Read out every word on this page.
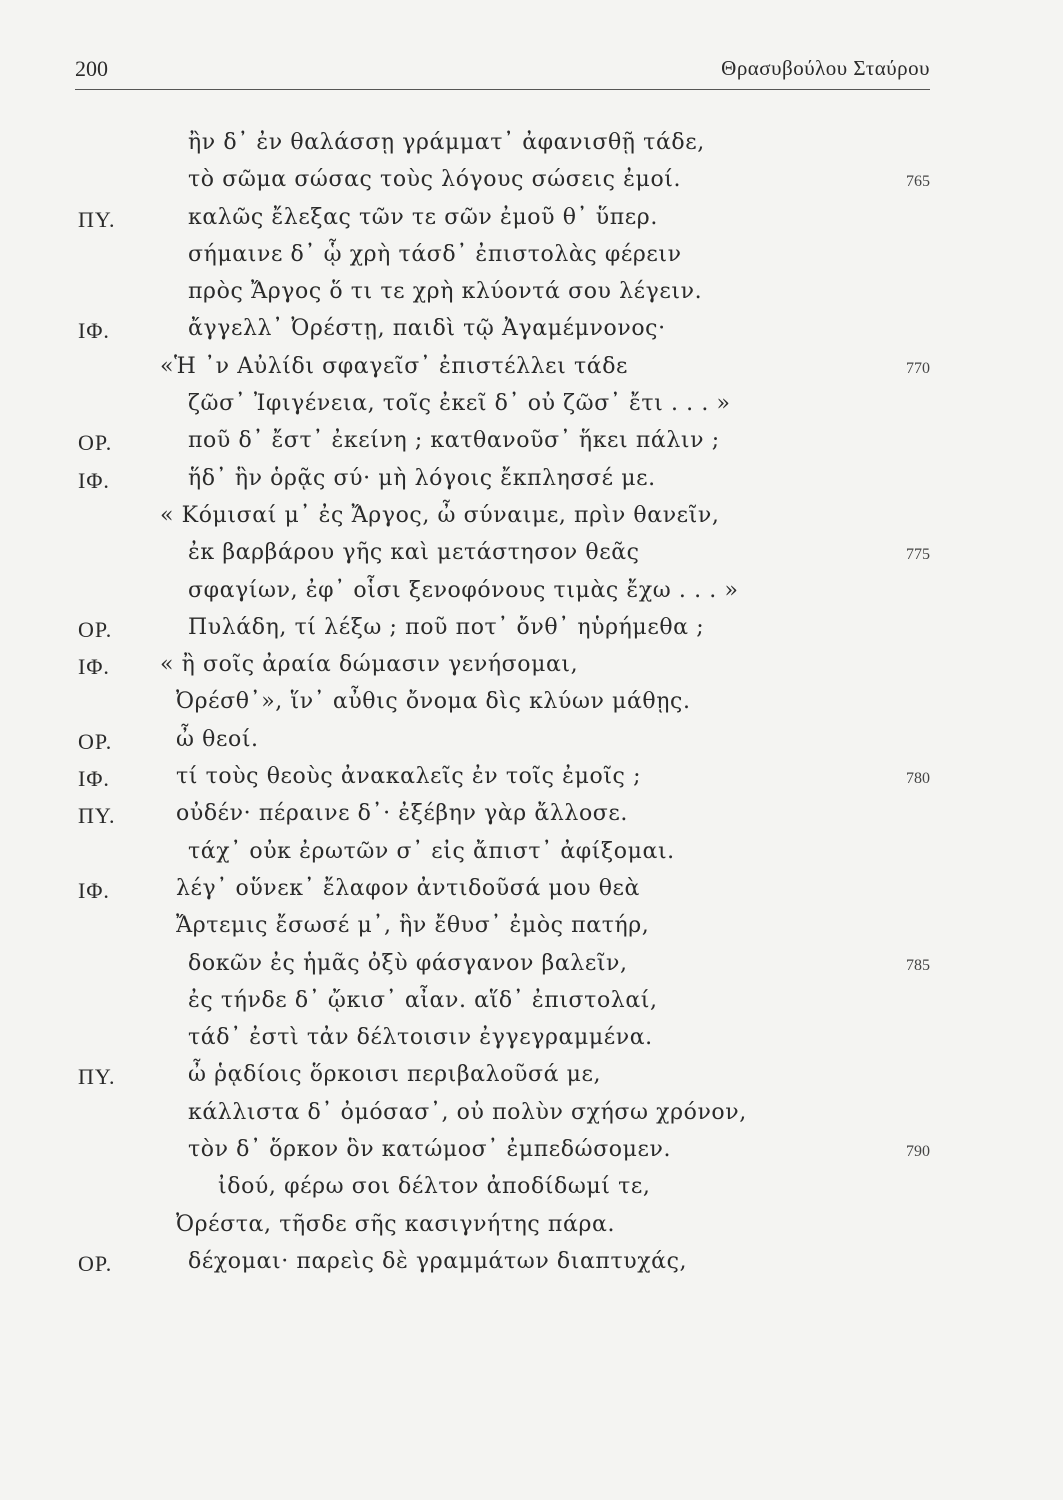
200	Θρασυβούλου Σταύρου
ἢν δ᾽ ἐν θαλάσσῃ γράμματ᾽ ἀφανισθῇ τάδε,
τὸ σῶμα σώσας τοὺς λόγους σώσεις ἐμοί.	765
ΠΥ.	καλῶς ἔλεξας τῶν τε σῶν ἐμοῦ θ᾽ ὕπερ.
σήμαινε δ᾽ ᾧ χρὴ τάσδ᾽ ἐπιστολὰς φέρειν
πρὸς Ἄργος ὅ τι τε χρὴ κλύοντά σου λέγειν.
ΙΦ.	ἄγγελλ᾽ Ὀρέστῃ, παιδὶ τῷ Ἀγαμέμνονος·
«Ἡ ᾽ν Αὐλίδι σφαγεῖσ᾽ ἐπιστέλλει τάδε	770
ζῶσ᾽ Ἰφιγένεια, τοῖς ἐκεῖ δ᾽ οὐ ζῶσ᾽ ἔτι . . . »
ΟΡ.	ποῦ δ᾽ ἔστ᾽ ἐκείνη ; κατθανοῦσ᾽ ἥκει πάλιν ;
ΙΦ.	ἥδ᾽ ἣν ὁρᾷς σύ· μὴ λόγοις ἔκπλησσέ με.
« Κόμισαί μ᾽ ἐς Ἄργος, ὦ σύναιμε, πρὶν θανεῖν,
ἐκ βαρβάρου γῆς καὶ μετάστησον θεᾶς	775
σφαγίων, ἐφ᾽ οἷσι ξενοφόνους τιμὰς ἔχω . . . »
ΟΡ.	Πυλάδη, τί λέξω ; ποῦ ποτ᾽ ὄνθ᾽ ηὑρήμεθα ;
ΙΦ. « ἢ σοῖς ἀραία δώμασιν γενήσομαι,
Ὀρέσθ᾽», ἵν᾽ αὖθις ὄνομα δὶς κλύων μάθῃς.
ΟΡ.	ὦ θεοί.
ΙΦ.	τί τοὺς θεοὺς ἀνακαλεῖς ἐν τοῖς ἐμοῖς ;	780
ΠΥ.	οὐδέν· πέραινε δ᾽· ἐξέβην γὰρ ἄλλοσε.
τάχ᾽ οὐκ ἐρωτῶν σ᾽ εἰς ἄπιστ᾽ ἀφίξομαι.
ΙΦ.	λέγ᾽ οὕνεκ᾽ ἔλαφον ἀντιδοῦσά μου θεὰ
Ἄρτεμις ἔσωσέ μ᾽, ἣν ἔθυσ᾽ ἐμὸς πατήρ,
δοκῶν ἐς ἡμᾶς ὀξὺ φάσγανον βαλεῖν,	785
ἐς τήνδε δ᾽ ᾤκισ᾽ αἶαν. αἵδ᾽ ἐπιστολαί,
τάδ᾽ ἐστὶ τἀν δέλτοισιν ἐγγεγραμμένα.
ΠΥ.	ὦ ῥᾳδίοις ὅρκοισι περιβαλοῦσά με,
κάλλιστα δ᾽ ὀμόσασ᾽, οὐ πολὺν σχήσω χρόνον,
τὸν δ᾽ ὅρκον ὃν κατώμοσ᾽ ἐμπεδώσομεν.	790
ἰδού, φέρω σοι δέλτον ἀποδίδωμί τε,
Ὀρέστα, τῆσδε σῆς κασιγνήτης πάρα.
ΟΡ.	δέχομαι· παρεὶς δὲ γραμμάτων διαπτυχάς,
